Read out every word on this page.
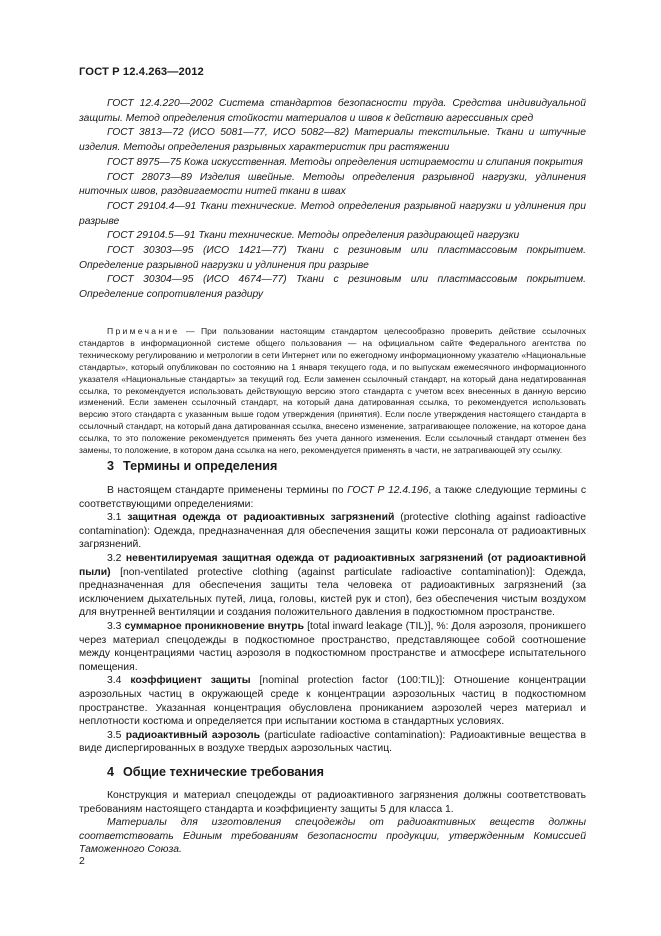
ГОСТ Р 12.4.263—2012

ГОСТ 12.4.220—2002 Система стандартов безопасности труда. Средства индивидуальной защиты. Метод определения стойкости материалов и швов к действию агрессивных сред

ГОСТ 3813—72 (ИСО 5081—77, ИСО 5082—82) Материалы текстильные. Ткани и штучные изделия. Методы определения разрывных характеристик при растяжении

ГОСТ 8975—75 Кожа искусственная. Методы определения истираемости и слипания покрытия

ГОСТ 28073—89 Изделия швейные. Методы определения разрывной нагрузки, удлинения ниточных швов, раздвигаемости нитей ткани в швах

ГОСТ 29104.4—91 Ткани технические. Метод определения разрывной нагрузки и удлинения при разрыве

ГОСТ 29104.5—91 Ткани технические. Методы определения раздирающей нагрузки

ГОСТ 30303—95 (ИСО 1421—77) Ткани с резиновым или пластмассовым покрытием. Определение разрывной нагрузки и удлинения при разрыве

ГОСТ 30304—95 (ИСО 4674—77) Ткани с резиновым или пластмассовым покрытием. Определение сопротивления раздиру

Примечание — При пользовании настоящим стандартом целесообразно проверить действие ссылочных стандартов в информационной системе общего пользования — на официальном сайте Федерального агентства по техническому регулированию и метрологии в сети Интернет или по ежегодному информационному указателю «Национальные стандарты», который опубликован по состоянию на 1 января текущего года, и по выпускам ежемесячного информационного указателя «Национальные стандарты» за текущий год. Если заменен ссылочный стандарт, на который дана недатированная ссылка, то рекомендуется использовать действующую версию этого стандарта с учетом всех внесенных в данную версию изменений. Если заменен ссылочный стандарт, на который дана датированная ссылка, то рекомендуется использовать версию этого стандарта с указанным выше годом утверждения (принятия). Если после утверждения настоящего стандарта в ссылочный стандарт, на который дана датированная ссылка, внесено изменение, затрагивающее положение, на которое дана ссылка, то это положение рекомендуется применять без учета данного изменения. Если ссылочный стандарт отменен без замены, то положение, в котором дана ссылка на него, рекомендуется применять в части, не затрагивающей эту ссылку.

3 Термины и определения

В настоящем стандарте применены термины по ГОСТ Р 12.4.196, а также следующие термины с соответствующими определениями:

3.1 защитная одежда от радиоактивных загрязнений (protective clothing against radioactive contamination): Одежда, предназначенная для обеспечения защиты кожи персонала от радиоактивных загрязнений.

3.2 невентилируемая защитная одежда от радиоактивных загрязнений (от радиоактивной пыли) [non-ventilated protective clothing (against particulate radioactive contamination)]: Одежда, предназначенная для обеспечения защиты тела человека от радиоактивных загрязнений (за исключением дыхательных путей, лица, головы, кистей рук и стоп), без обеспечения чистым воздухом для внутренней вентиляции и создания положительного давления в подкостюмном пространстве.

3.3 суммарное проникновение внутрь [total inward leakage (TIL)], %: Доля аэрозоля, проникшего через материал спецодежды в подкостюмное пространство, представляющее собой соотношение между концентрациями частиц аэрозоля в подкостюмном пространстве и атмосфере испытательного помещения.

3.4 коэффициент защиты [nominal protection factor (100:TIL)]: Отношение концентрации аэрозольных частиц в окружающей среде к концентрации аэрозольных частиц в подкостюмном пространстве. Указанная концентрация обусловлена прониканием аэрозолей через материал и неплотности костюма и определяется при испытании костюма в стандартных условиях.

3.5 радиоактивный аэрозоль (particulate radioactive contamination): Радиоактивные вещества в виде диспергированных в воздухе твердых аэрозольных частиц.

4 Общие технические требования

Конструкция и материал спецодежды от радиоактивного загрязнения должны соответствовать требованиям настоящего стандарта и коэффициенту защиты 5 для класса 1.

Материалы для изготовления спецодежды от радиоактивных веществ должны соответствовать Единым требованиям безопасности продукции, утвержденным Комиссией Таможенного Союза.

2
